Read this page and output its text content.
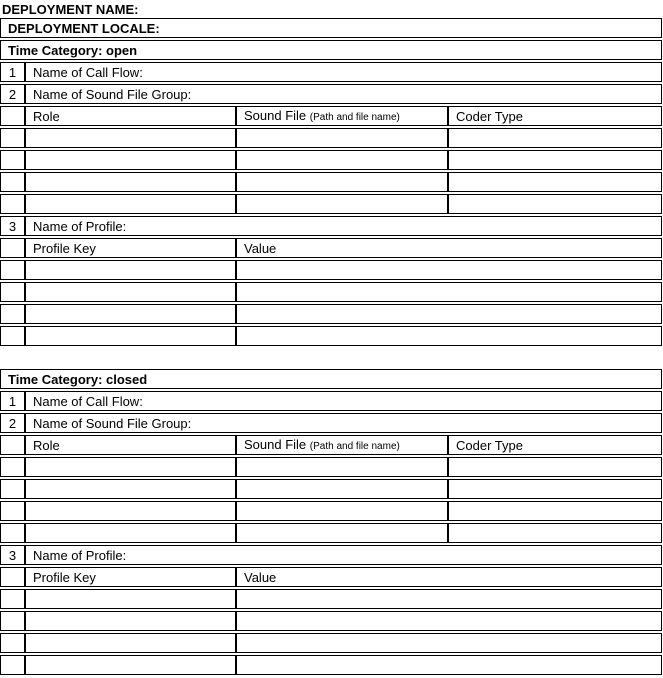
DEPLOYMENT NAME:
DEPLOYMENT LOCALE:			
Time Category: open			
1	Name of Call Flow:		
2	Name of Sound File Group:		
	Role	Sound File (Path and file name)	Coder Type

3	Name of Profile:		
	Profile Key	Value	

Time Category: closed			
1	Name of Call Flow:		
2	Name of Sound File Group:		
	Role	Sound File (Path and file name)	Coder Type

3	Name of Profile:		
	Profile Key	Value	
